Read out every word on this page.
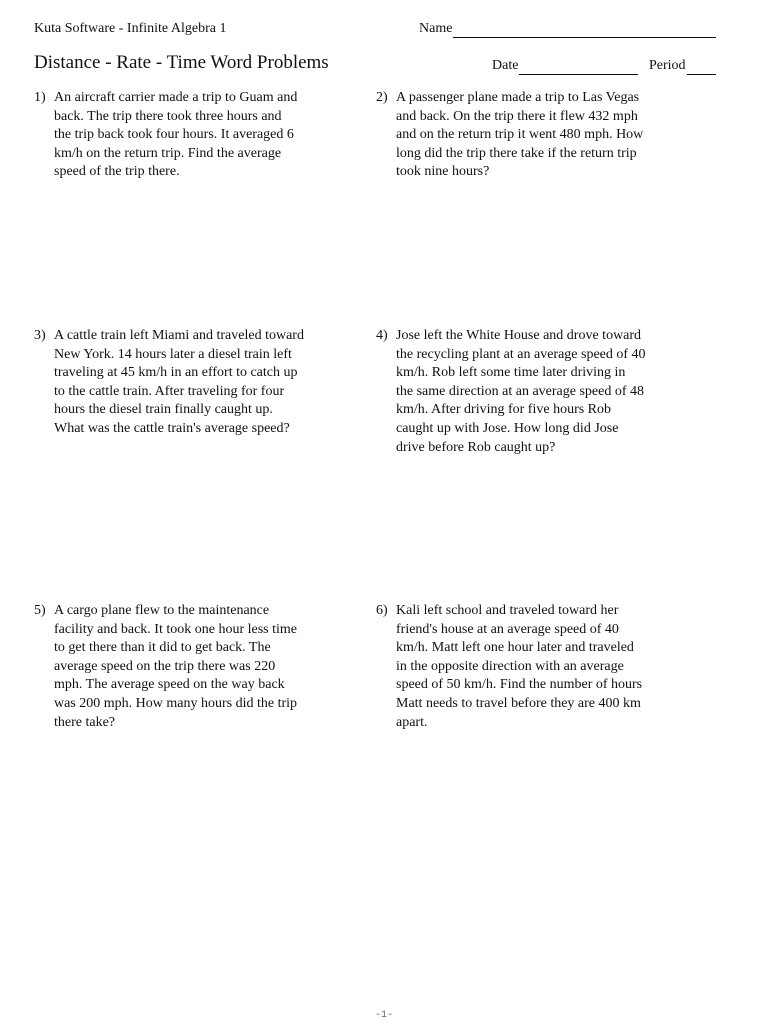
Kuta Software - Infinite Algebra 1
Distance - Rate - Time Word Problems
Name
Date	Period
1) An aircraft carrier made a trip to Guam and
back. The trip there took three hours and
the trip back took four hours. It averaged 6
km/h on the return trip. Find the average
speed of the trip there.
2) A passenger plane made a trip to Las Vegas
and back. On the trip there it flew 432 mph
and on the return trip it went 480 mph. How
long did the trip there take if the return trip
took nine hours?
3) A cattle train left Miami and traveled toward
New York. 14 hours later a diesel train left
traveling at 45 km/h in an effort to catch up
to the cattle train. After traveling for four
hours the diesel train finally caught up.
What was the cattle train's average speed?
4) Jose left the White House and drove toward
the recycling plant at an average speed of 40
km/h. Rob left some time later driving in
the same direction at an average speed of 48
km/h. After driving for five hours Rob
caught up with Jose. How long did Jose
drive before Rob caught up?
5) A cargo plane flew to the maintenance
facility and back. It took one hour less time
to get there than it did to get back. The
average speed on the trip there was 220
mph. The average speed on the way back
was 200 mph. How many hours did the trip
there take?
6) Kali left school and traveled toward her
friend's house at an average speed of 40
km/h. Matt left one hour later and traveled
in the opposite direction with an average
speed of 50 km/h. Find the number of hours
Matt needs to travel before they are 400 km
apart.
-1-
